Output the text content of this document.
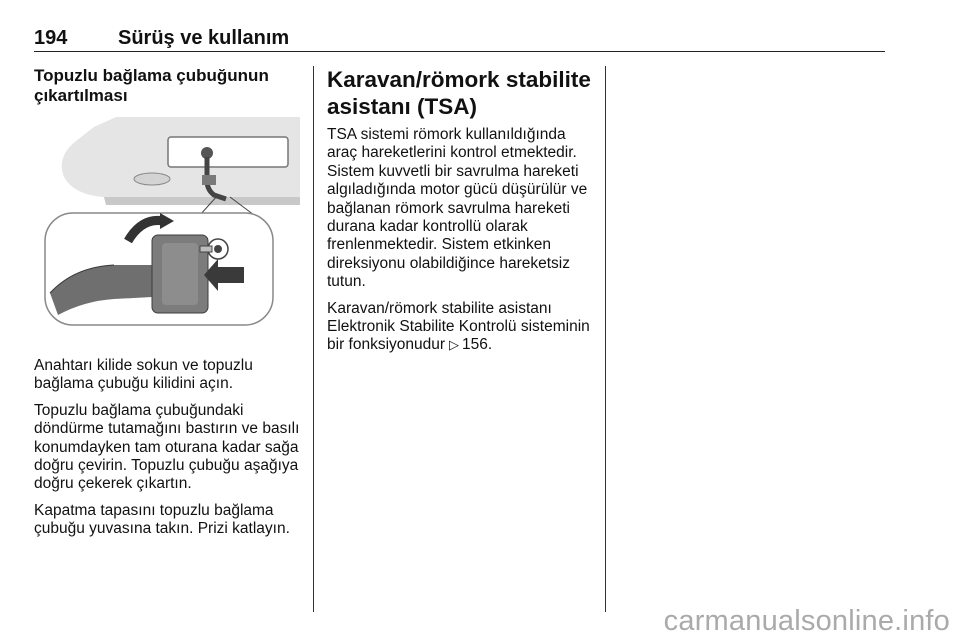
194	Sürüş ve kullanım
Topuzlu bağlama çubuğunun çıkartılması

Anahtarı kilide sokun ve topuzlu bağlama çubuğu kilidini açın.

Topuzlu bağlama çubuğundaki döndürme tutamağını bastırın ve basılı konumdayken tam oturana kadar sağa doğru çevirin. Topuzlu çubuğu aşağıya doğru çekerek çıkartın.

Kapatma tapasını topuzlu bağlama çubuğu yuvasına takın. Prizi katlayın.

Karavan/römork stabilite asistanı (TSA)

TSA sistemi römork kullanıldığında araç hareketlerini kontrol etmektedir. Sistem kuvvetli bir savrulma hareketi algıladığında motor gücü düşürülür ve bağlanan römork savrulma hareketi durana kadar kontrollü olarak frenlenmektedir. Sistem etkinken direksiyonu olabildiğince hareketsiz tutun.

Karavan/römork stabilite asistanı Elektronik Stabilite Kontrolü sisteminin bir fonksiyonudur ▷ 156.

carmanualsonline.info
